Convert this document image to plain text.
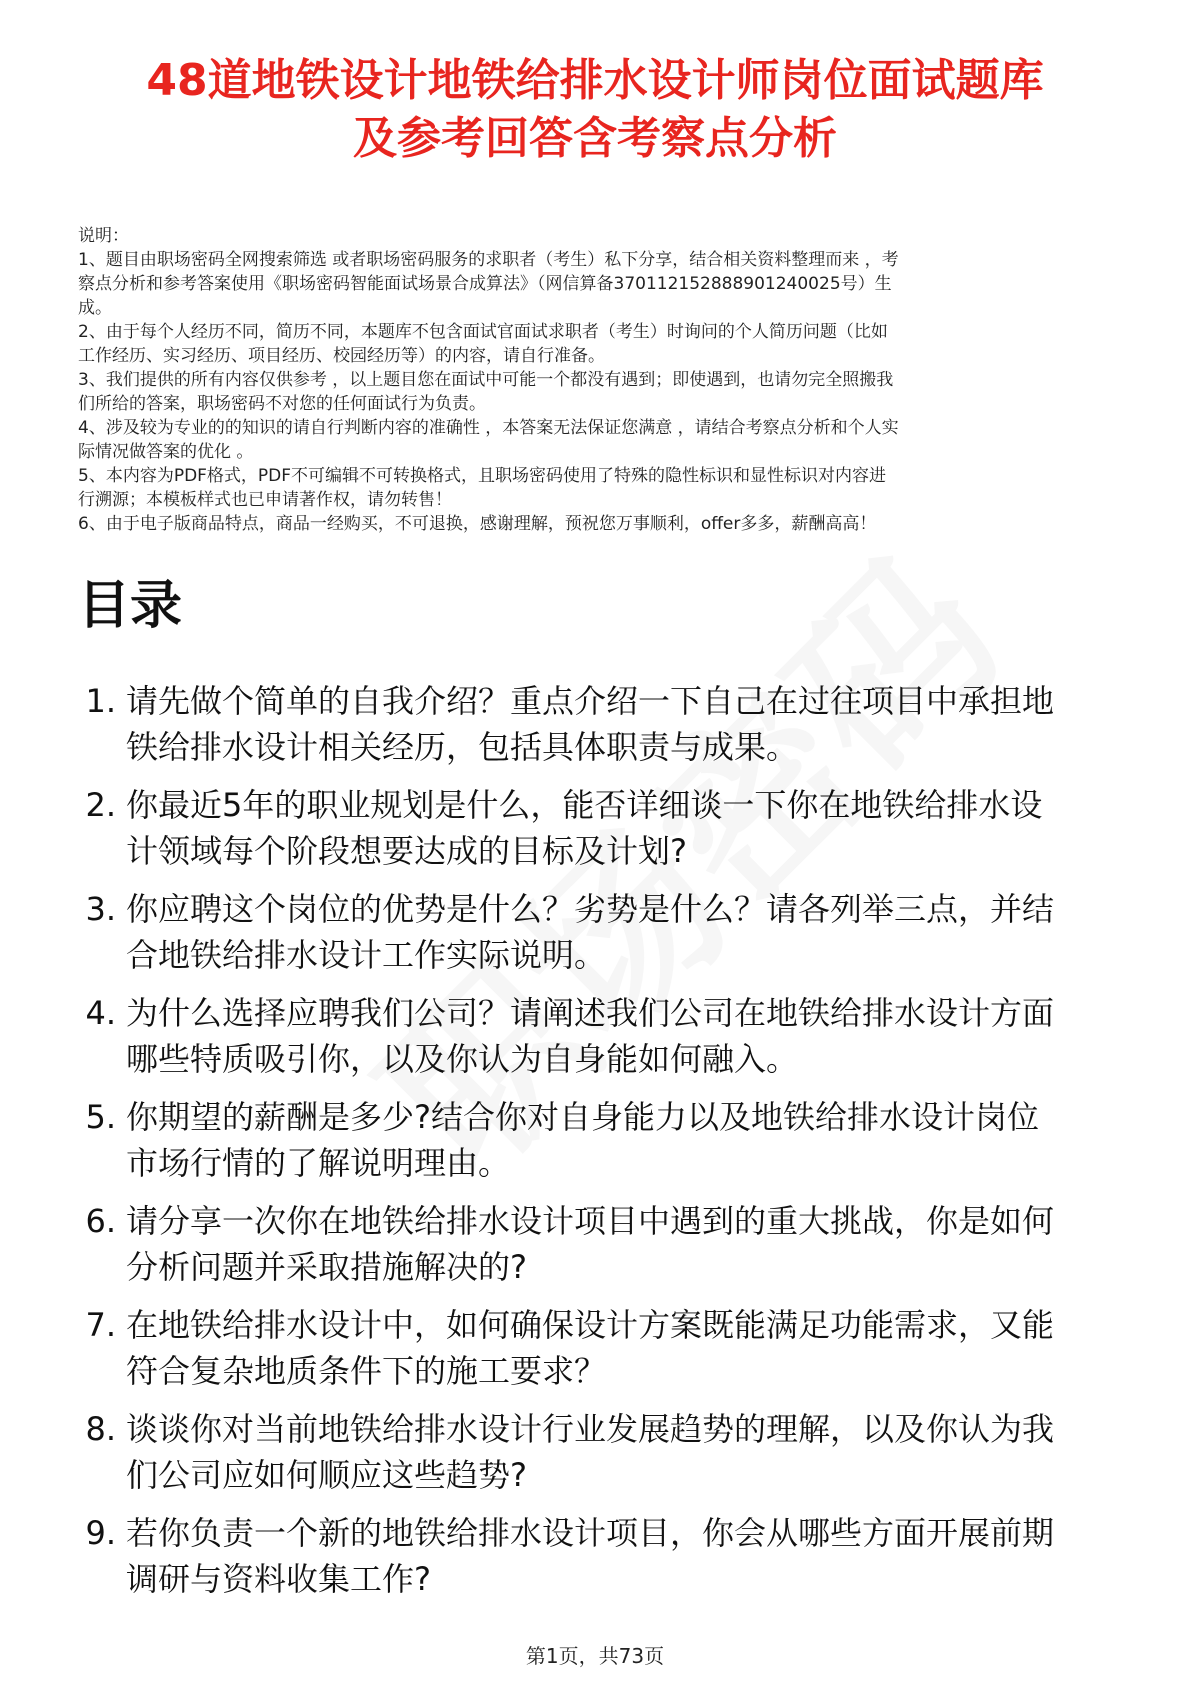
48道地铁设计地铁给排水设计师岗位面试题库
及参考回答含考察点分析

说明：

1、题目由职场密码全网搜索筛选 或者职场密码服务的求职者（考生）私下分享，结合相关资料整理而来 ，考

察点分析和参考答案使用《职场密码智能面试场景合成算法》（网信算备370112152888901240025号）生

成。

2、由于每个人经历不同，简历不同，本题库不包含面试官面试求职者（考生）时询问的个人简历问题（比如

工作经历、实习经历、项目经历、校园经历等）的内容，请自行准备。

3、我们提供的所有内容仅供参考 ，以上题目您在面试中可能一个都没有遇到；即使遇到，也请勿完全照搬我

们所给的答案，职场密码不对您的任何面试行为负责。

4、涉及较为专业的的知识的请自行判断内容的准确性 ，本答案无法保证您满意 ，请结合考察点分析和个人实

际情况做答案的优化 。

5、本内容为PDF格式，PDF不可编辑不可转换格式，且职场密码使用了特殊的隐性标识和显性标识对内容进

行溯源；本模板样式也已申请著作权，请勿转售！

6、由于电子版商品特点，商品一经购买，不可退换，感谢理解，预祝您万事顺利，offer多多，薪酬高高！

目录
1. 请先做个简单的自我介绍？重点介绍一下自己在过往项目中承担地铁给排水设计相关经历，包括具体职责与成果。
2. 你最近5年的职业规划是什么，能否详细谈一下你在地铁给排水设计领域每个阶段想要达成的目标及计划?
3. 你应聘这个岗位的优势是什么？劣势是什么？请各列举三点，并结合地铁给排水设计工作实际说明。
4. 为什么选择应聘我们公司？请阐述我们公司在地铁给排水设计方面哪些特质吸引你，以及你认为自身能如何融入。
5. 你期望的薪酬是多少?结合你对自身能力以及地铁给排水设计岗位市场行情的了解说明理由。
6. 请分享一次你在地铁给排水设计项目中遇到的重大挑战，你是如何分析问题并采取措施解决的?
7. 在地铁给排水设计中，如何确保设计方案既能满足功能需求，又能符合复杂地质条件下的施工要求？
8. 谈谈你对当前地铁给排水设计行业发展趋势的理解，以及你认为我们公司应如何顺应这些趋势?
9. 若你负责一个新的地铁给排水设计项目，你会从哪些方面开展前期调研与资料收集工作?
第1页，共73页
